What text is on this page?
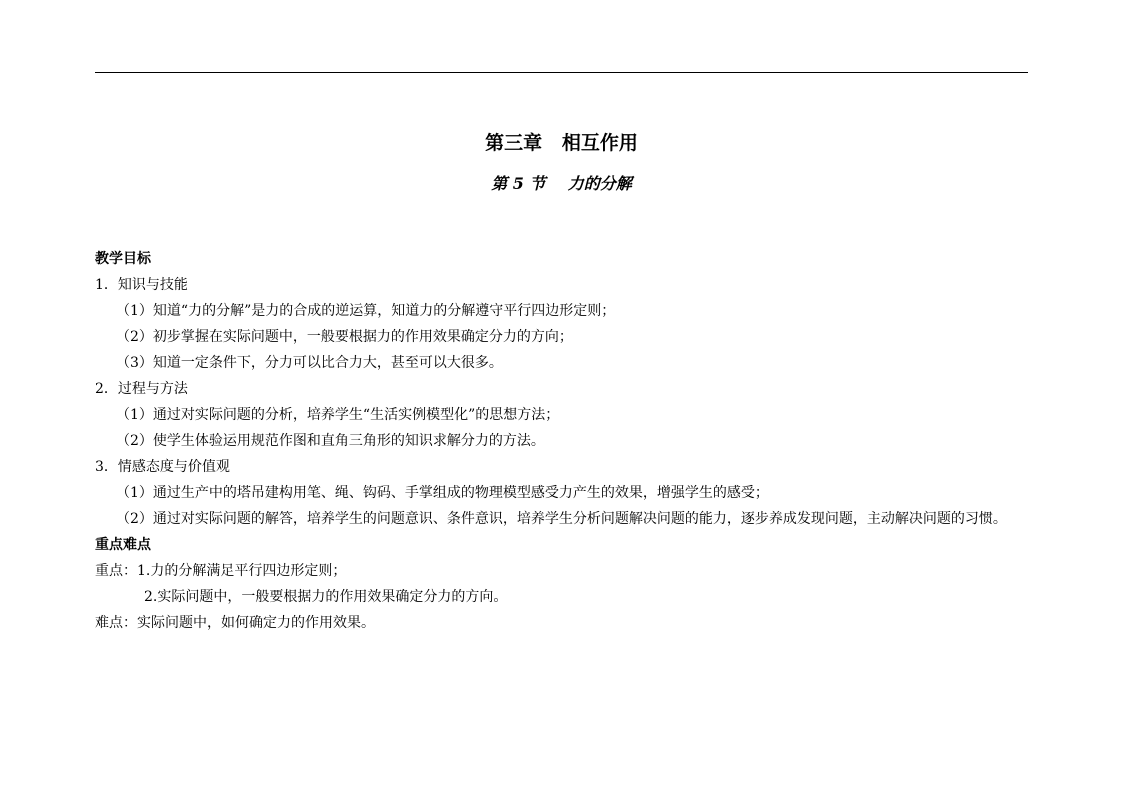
第三章   相互作用
第 5 节    力的分解
教学目标
1．知识与技能
（1）知道“力的分解”是力的合成的逆运算，知道力的分解遵守平行四边形定则；
（2）初步掌握在实际问题中，一般要根据力的作用效果确定分力的方向；
（3）知道一定条件下，分力可以比合力大，甚至可以大很多。
2．过程与方法
（1）通过对实际问题的分析，培养学生“生活实例模型化”的思想方法；
（2）使学生体验运用规范作图和直角三角形的知识求解分力的方法。
3．情感态度与价值观
（1）通过生产中的塔吊建构用笔、绳、钩码、手掌组成的物理模型感受力产生的效果，增强学生的感受；
（2）通过对实际问题的解答，培养学生的问题意识、条件意识，培养学生分析问题解决问题的能力，逐步养成发现问题，主动解决问题的习惯。
重点难点
重点：1.力的分解满足平行四边形定则；
2.实际问题中，一般要根据力的作用效果确定分力的方向。
难点：实际问题中，如何确定力的作用效果。
